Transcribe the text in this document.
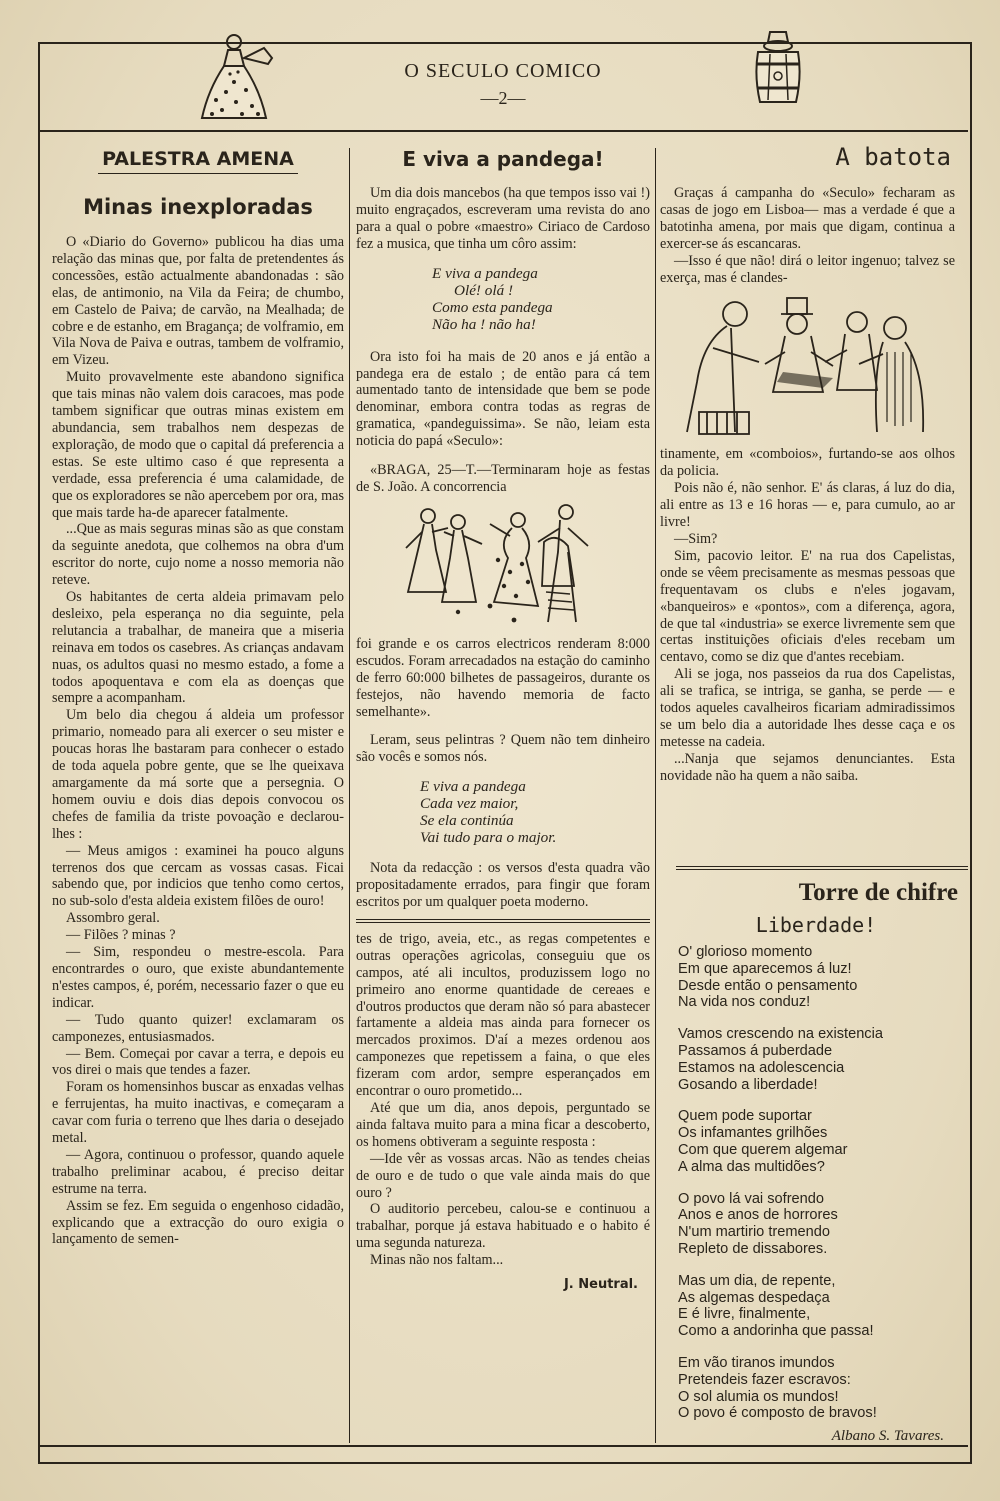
O SECULO COMICO
—2—
PALESTRA AMENA
Minas inexploradas

O «Diario do Governo» publicou ha dias uma relação das minas que, por falta de pretendentes ás concessões, estão actualmente abandonadas : são elas, de antimonio, na Vila da Feira; de chumbo, em Castelo de Paiva; de carvão, na Mealhada; de cobre e de estanho, em Bragança; de volframio, em Vila Nova de Paiva e outras, tambem de volframio, em Vizeu.

Muito provavelmente este abandono significa que tais minas não valem dois caracoes, mas pode tambem significar que outras minas existem em abundancia, sem trabalhos nem despezas de exploração, de modo que o capital dá preferencia a estas. Se este ultimo caso é que representa a verdade, essa preferencia é uma calamidade, de que os exploradores se não apercebem por ora, mas que mais tarde ha-de aparecer fatalmente.

...Que as mais seguras minas são as que constam da seguinte anedota, que colhemos na obra d'um escritor do norte, cujo nome a nosso memoria não reteve.

Os habitantes de certa aldeia primavam pelo desleixo, pela esperança no dia seguinte, pela relutancia a trabalhar, de maneira que a miseria reinava em todos os casebres. As crianças andavam nuas, os adultos quasi no mesmo estado, a fome a todos apoquentava e com ela as doenças que sempre a acompanham.

Um belo dia chegou á aldeia um professor primario, nomeado para ali exercer o seu mister e poucas horas lhe bastaram para conhecer o estado de toda aquela pobre gente, que se lhe queixava amargamente da má sorte que a persegnia. O homem ouviu e dois dias depois convocou os chefes de familia da triste povoação e declarou-lhes :

— Meus amigos : examinei ha pouco alguns terrenos dos que cercam as vossas casas. Ficai sabendo que, por indicios que tenho como certos, no sub-solo d'esta aldeia existem filões de ouro!

Assombro geral.

— Filões ? minas ?

— Sim, respondeu o mestre-escola. Para encontrardes o ouro, que existe abundantemente n'estes campos, é, porém, necessario fazer o que eu indicar.

— Tudo quanto quizer! exclamaram os camponezes, entusiasmados.

— Bem. Começai por cavar a terra, e depois eu vos direi o mais que tendes a fazer.

Foram os homensinhos buscar as enxadas velhas e ferrujentas, ha muito inactivas, e começaram a cavar com furia o terreno que lhes daria o desejado metal.

— Agora, continuou o professor, quando aquele trabalho preliminar acabou, é preciso deitar estrume na terra.

Assim se fez. Em seguida o engenhoso cidadão, explicando que a extracção do ouro exigia o lançamento de semen-

E viva a pandega!

Um dia dois mancebos (ha que tempos isso vai !) muito engraçados, escreveram uma revista do ano para a qual o pobre «maestro» Ciriaco de Cardoso fez a musica, que tinha um côro assim:

E viva a pandega
Olé! olá !
Como esta pandega
Não ha ! não ha!

Ora isto foi ha mais de 20 anos e já então a pandega era de estalo ; de então para cá tem aumentado tanto de intensidade que bem se pode denominar, embora contra todas as regras de gramatica, «pandeguissima». Se não, leiam esta noticia do papá «Seculo»:

«BRAGA, 25—T.—Terminaram hoje as festas de S. João. A concorrencia

foi grande e os carros electricos renderam 8:000 escudos. Foram arrecadados na estação do caminho de ferro 60:000 bilhetes de passageiros, durante os festejos, não havendo memoria de facto semelhante».

Leram, seus pelintras ? Quem não tem dinheiro são vocês e somos nós.

E viva a pandega
Cada vez maior,
Se ela continúa
Vai tudo para o major.

Nota da redacção : os versos d'esta quadra vão propositadamente errados, para fingir que foram escritos por um qualquer poeta moderno.

tes de trigo, aveia, etc., as regas competentes e outras operações agricolas, conseguiu que os campos, até ali incultos, produzissem logo no primeiro ano enorme quantidade de cereaes e d'outros productos que deram não só para abastecer fartamente a aldeia mas ainda para fornecer os mercados proximos. D'aí a mezes ordenou aos camponezes que repetissem a faina, o que eles fizeram com ardor, sempre esperançados em encontrar o ouro prometido...

Até que um dia, anos depois, perguntado se ainda faltava muito para a mina ficar a descoberto, os homens obtiveram a seguinte resposta :

—Ide vêr as vossas arcas. Não as tendes cheias de ouro e de tudo o que vale ainda mais do que ouro ?

O auditorio percebeu, calou-se e continuou a trabalhar, porque já estava habituado e o habito é uma segunda natureza.

Minas não nos faltam...

J. Neutral.
A batota

Graças á campanha do «Seculo» fecharam as casas de jogo em Lisboa— mas a verdade é que a batotinha amena, por mais que digam, continua a exercer-se ás escancaras.

—Isso é que não! dirá o leitor ingenuo; talvez se exerça, mas é clandes-

tinamente, em «comboios», furtando-se aos olhos da policia.

Pois não é, não senhor. E' ás claras, á luz do dia, ali entre as 13 e 16 horas — e, para cumulo, ao ar livre!

—Sim?

Sim, pacovio leitor. E' na rua dos Capelistas, onde se vêem precisamente as mesmas pessoas que frequentavam os clubs e n'eles jogavam, «banqueiros» e «pontos», com a diferença, agora, de que tal «industria» se exerce livremente sem que certas instituições oficiais d'eles recebam um centavo, como se diz que d'antes recebiam.

Ali se joga, nos passeios da rua dos Capelistas, ali se trafica, se intriga, se ganha, se perde — e todos aqueles cavalheiros ficariam admiradissimos se um belo dia a autoridade lhes desse caça e os metesse na cadeia.

...Nanja que sejamos denunciantes. Esta novidade não ha quem a não saiba.

Torre de chifre
Liberdade!
O' glorioso momento
Em que aparecemos á luz!
Desde então o pensamento
Na vida nos conduz!
Vamos crescendo na existencia
Passamos á puberdade
Estamos na adolescencia
Gosando a liberdade!
Quem pode suportar
Os infamantes grilhões
Com que querem algemar
A alma das multidões?
O povo lá vai sofrendo
Anos e anos de horrores
N'um martirio tremendo
Repleto de dissabores.
Mas um dia, de repente,
As algemas despedaça
E é livre, finalmente,
Como a andorinha que passa!
Em vão tiranos imundos
Pretendeis fazer escravos:
O sol alumia os mundos!
O povo é composto de bravos!
Albano S. Tavares.
